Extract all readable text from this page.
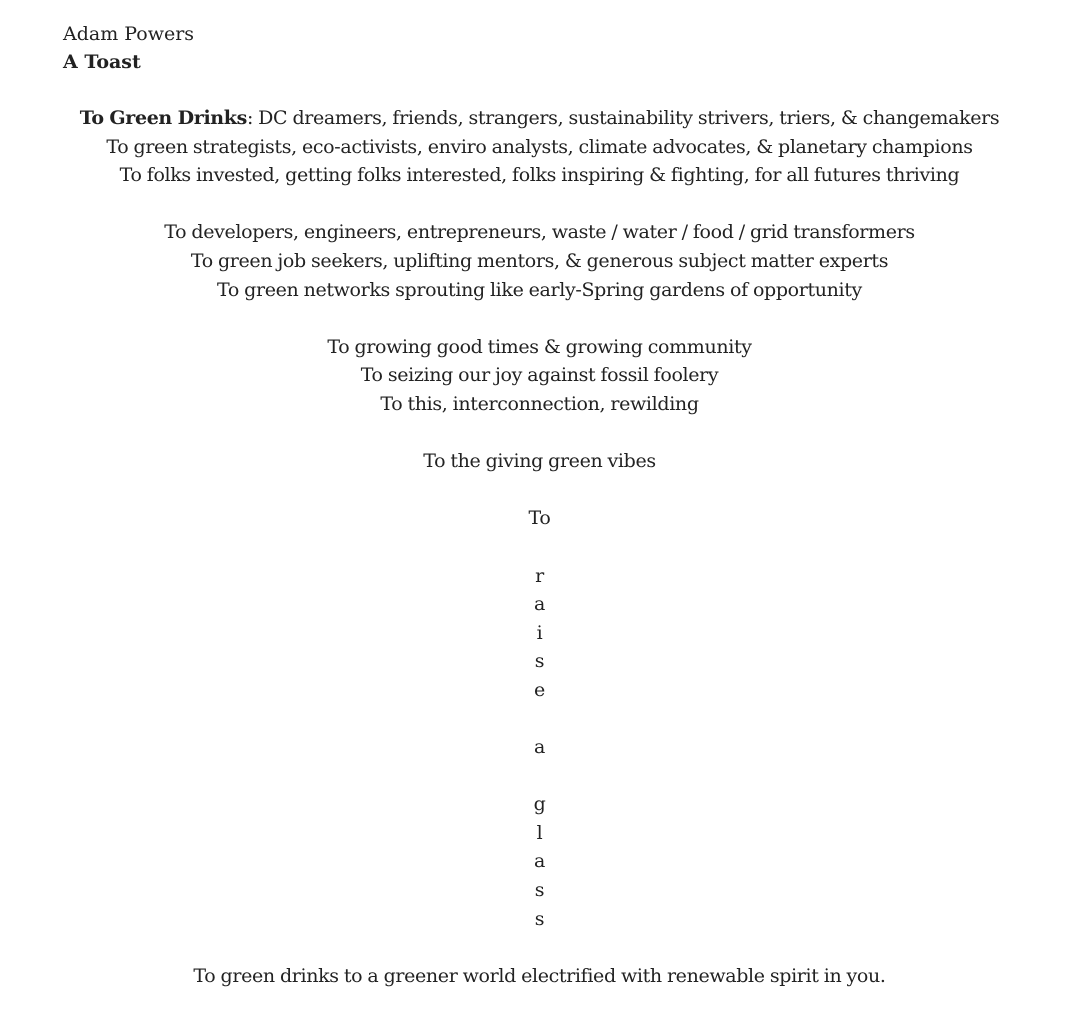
Adam Powers
A Toast
To Green Drinks: DC dreamers, friends, strangers, sustainability strivers, triers, & changemakers
To green strategists, eco-activists, enviro analysts, climate advocates, & planetary champions
To folks invested, getting folks interested, folks inspiring & fighting, for all futures thriving
To developers, engineers, entrepreneurs, waste / water / food / grid transformers
To green job seekers, uplifting mentors, & generous subject matter experts
To green networks sprouting like early-Spring gardens of opportunity
To growing good times & growing community
To seizing our joy against fossil foolery
To this, interconnection, rewilding
To the giving green vibes
To
r
a
i
s
e
a
g
l
a
s
s
To green drinks to a greener world electrified with renewable spirit in you.
